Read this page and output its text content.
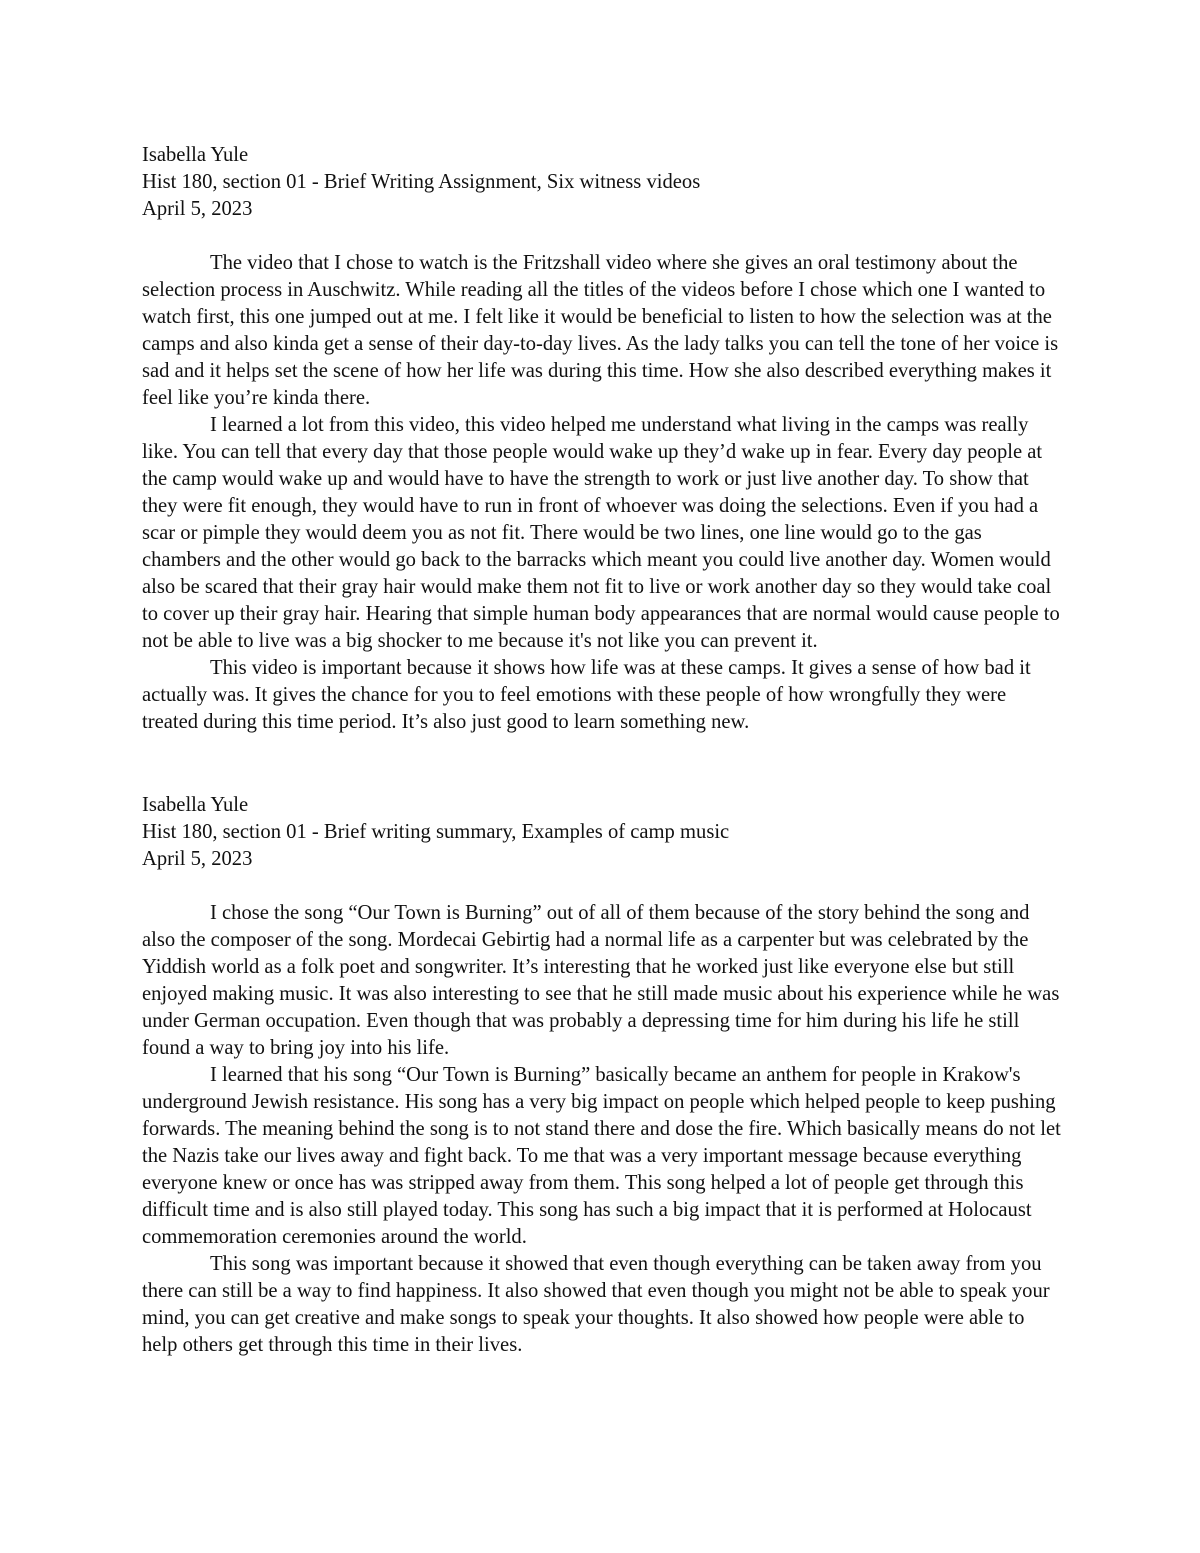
Isabella Yule

Hist 180, section 01 - Brief Writing Assignment, Six witness videos

April 5, 2023

The video that I chose to watch is the Fritzshall video where she gives an oral testimony about the selection process in Auschwitz. While reading all the titles of the videos before I chose which one I wanted to watch first, this one jumped out at me. I felt like it would be beneficial to listen to how the selection was at the camps and also kinda get a sense of their day-to-day lives. As the lady talks you can tell the tone of her voice is sad and it helps set the scene of how her life was during this time. How she also described everything makes it feel like you’re kinda there.

I learned a lot from this video, this video helped me understand what living in the camps was really like. You can tell that every day that those people would wake up they’d wake up in fear. Every day people at the camp would wake up and would have to have the strength to work or just live another day. To show that they were fit enough, they would have to run in front of whoever was doing the selections. Even if you had a scar or pimple they would deem you as not fit. There would be two lines, one line would go to the gas chambers and the other would go back to the barracks which meant you could live another day. Women would also be scared that their gray hair would make them not fit to live or work another day so they would take coal to cover up their gray hair. Hearing that simple human body appearances that are normal would cause people to not be able to live was a big shocker to me because it's not like you can prevent it.

This video is important because it shows how life was at these camps. It gives a sense of how bad it actually was. It gives the chance for you to feel emotions with these people of how wrongfully they were treated during this time period. It’s also just good to learn something new.

Isabella Yule

Hist 180, section 01 - Brief writing summary, Examples of camp music

April 5, 2023

I chose the song “Our Town is Burning” out of all of them because of the story behind the song and also the composer of the song. Mordecai Gebirtig had a normal life as a carpenter but was celebrated by the Yiddish world as a folk poet and songwriter. It’s interesting that he worked just like everyone else but still enjoyed making music. It was also interesting to see that he still made music about his experience while he was under German occupation. Even though that was probably a depressing time for him during his life he still found a way to bring joy into his life.

I learned that his song “Our Town is Burning” basically became an anthem for people in Krakow's underground Jewish resistance. His song has a very big impact on people which helped people to keep pushing forwards. The meaning behind the song is to not stand there and dose the fire. Which basically means do not let the Nazis take our lives away and fight back. To me that was a very important message because everything everyone knew or once has was stripped away from them. This song helped a lot of people get through this difficult time and is also still played today. This song has such a big impact that it is performed at Holocaust commemoration ceremonies around the world.

This song was important because it showed that even though everything can be taken away from you there can still be a way to find happiness. It also showed that even though you might not be able to speak your mind, you can get creative and make songs to speak your thoughts. It also showed how people were able to help others get through this time in their lives.
